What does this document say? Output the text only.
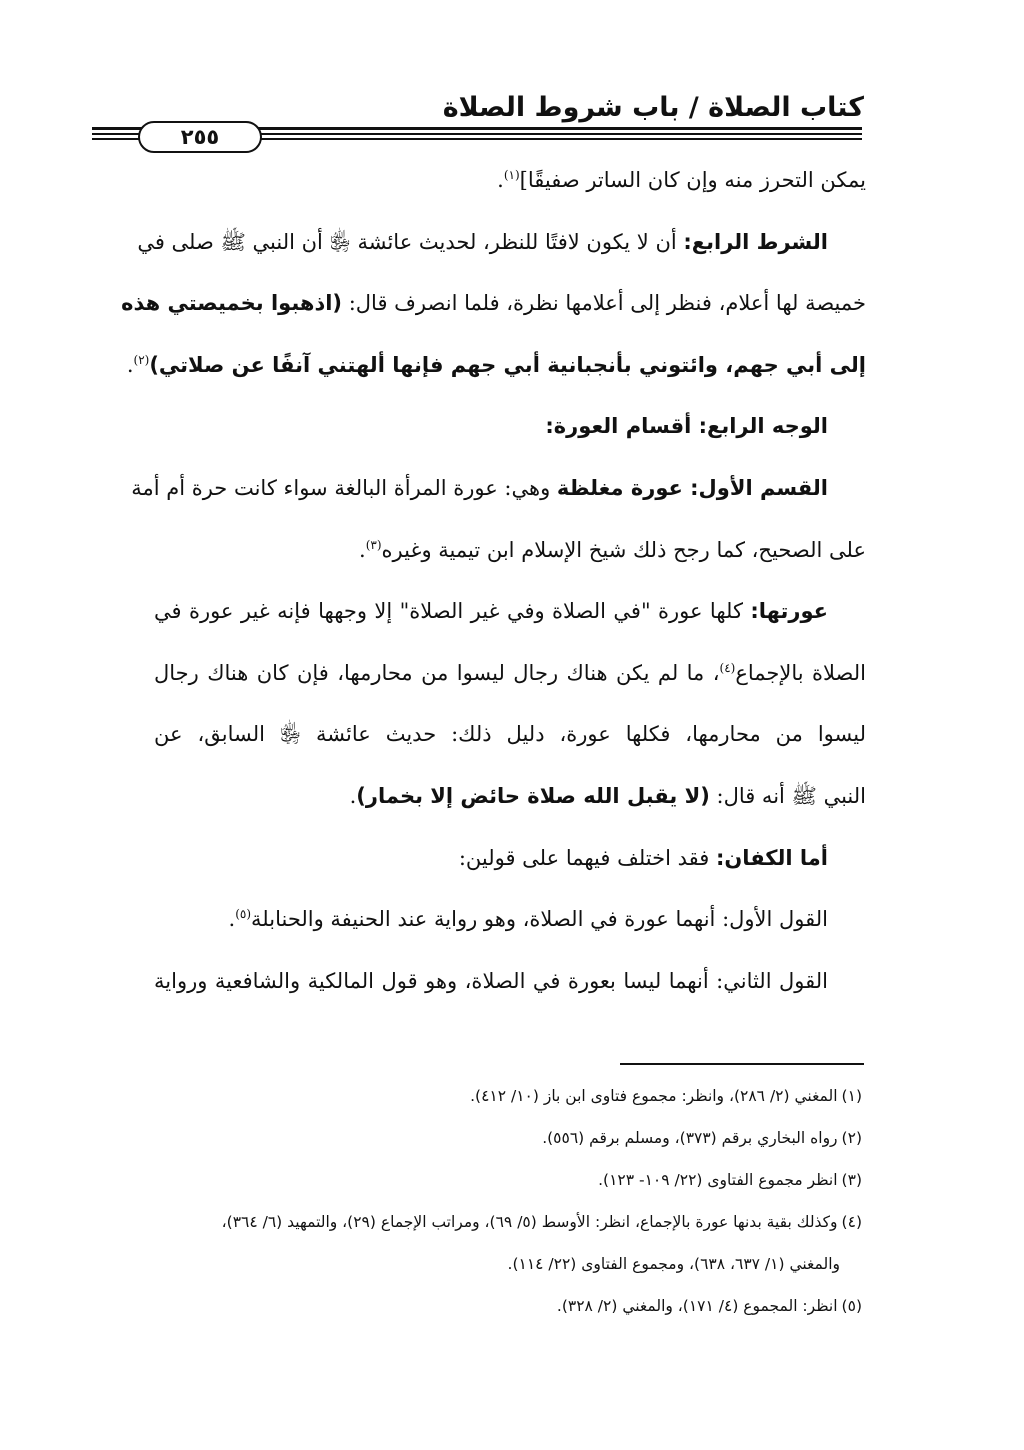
كتاب الصلاة / باب شروط الصلاة
٢٥٥
يمكن التحرز منه وإن كان الساتر صفيقًا]$^{(١)}$.
الشرط الرابع: أن لا يكون لافتًا للنظر، لحديث عائشة ﵂ أن النبي ﷺ صلى في
خميصة لها أعلام، فنظر إلى أعلامها نظرة، فلما انصرف قال: (اذهبوا بخميصتي هذه
إلى أبي جهم، وائتوني بأنجبانية أبي جهم فإنها ألهتني آنفًا عن صلاتي)$^{(٢)}$.
الوجه الرابع: أقسام العورة:
القسم الأول: عورة مغلظة وهي: عورة المرأة البالغة سواء كانت حرة أم أمة
على الصحيح، كما رجح ذلك شيخ الإسلام ابن تيمية وغيره$^{(٣)}$.
عورتها: كلها عورة "في الصلاة وفي غير الصلاة" إلا وجهها فإنه غير عورة في
الصلاة بالإجماع$^{(٤)}$، ما لم يكن هناك رجال ليسوا من محارمها، فإن كان هناك رجال
ليسوا من محارمها، فكلها عورة، دليل ذلك: حديث عائشة ﵂ السابق، عن
النبي ﷺ أنه قال: (لا يقبل الله صلاة حائض إلا بخمار).
أما الكفان: فقد اختلف فيهما على قولين:
القول الأول: أنهما عورة في الصلاة، وهو رواية عند الحنيفة والحنابلة$^{(٥)}$.
القول الثاني: أنهما ليسا بعورة في الصلاة، وهو قول المالكية والشافعية ورواية
(١)المغني (٢/ ٢٨٦)، وانظر: مجموع فتاوى ابن باز (١٠/ ٤١٢).
(٢)رواه البخاري برقم (٣٧٣)، ومسلم برقم (٥٥٦).
(٣)انظر مجموع الفتاوى (٢٢/ ١٠٩- ١٢٣).
(٤)وكذلك بقية بدنها عورة بالإجماع، انظر: الأوسط (٥/ ٦٩)، ومراتب الإجماع (٢٩)، والتمهيد (٦/ ٣٦٤)،
والمغني (١/ ٦٣٧، ٦٣٨)، ومجموع الفتاوى (٢٢/ ١١٤).
(٥)انظر: المجموع (٤/ ١٧١)، والمغني (٢/ ٣٢٨).
